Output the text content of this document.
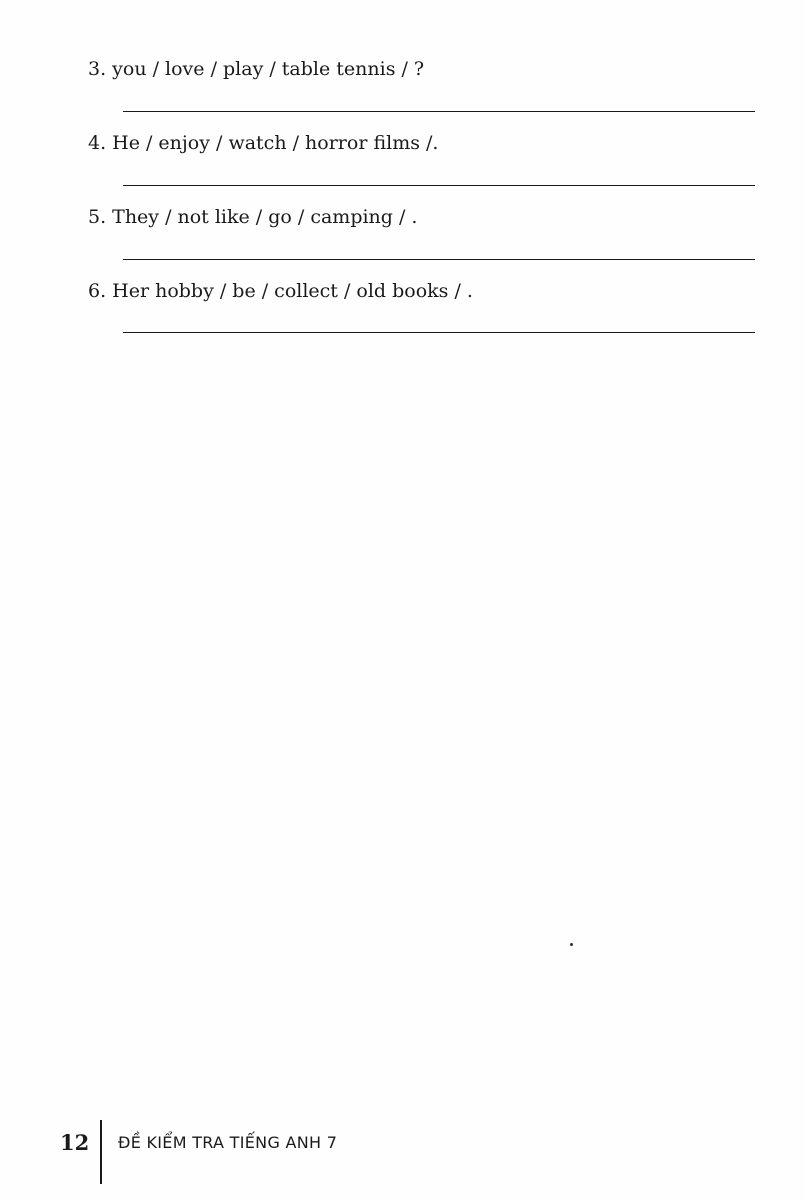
3. you / love / play / table tennis / ?
4. He / enjoy / watch / horror films /.
5. They / not like / go / camping / .
6. Her hobby / be / collect / old books / .
12 ĐỀ KIỂM TRA TIẾNG ANH 7
